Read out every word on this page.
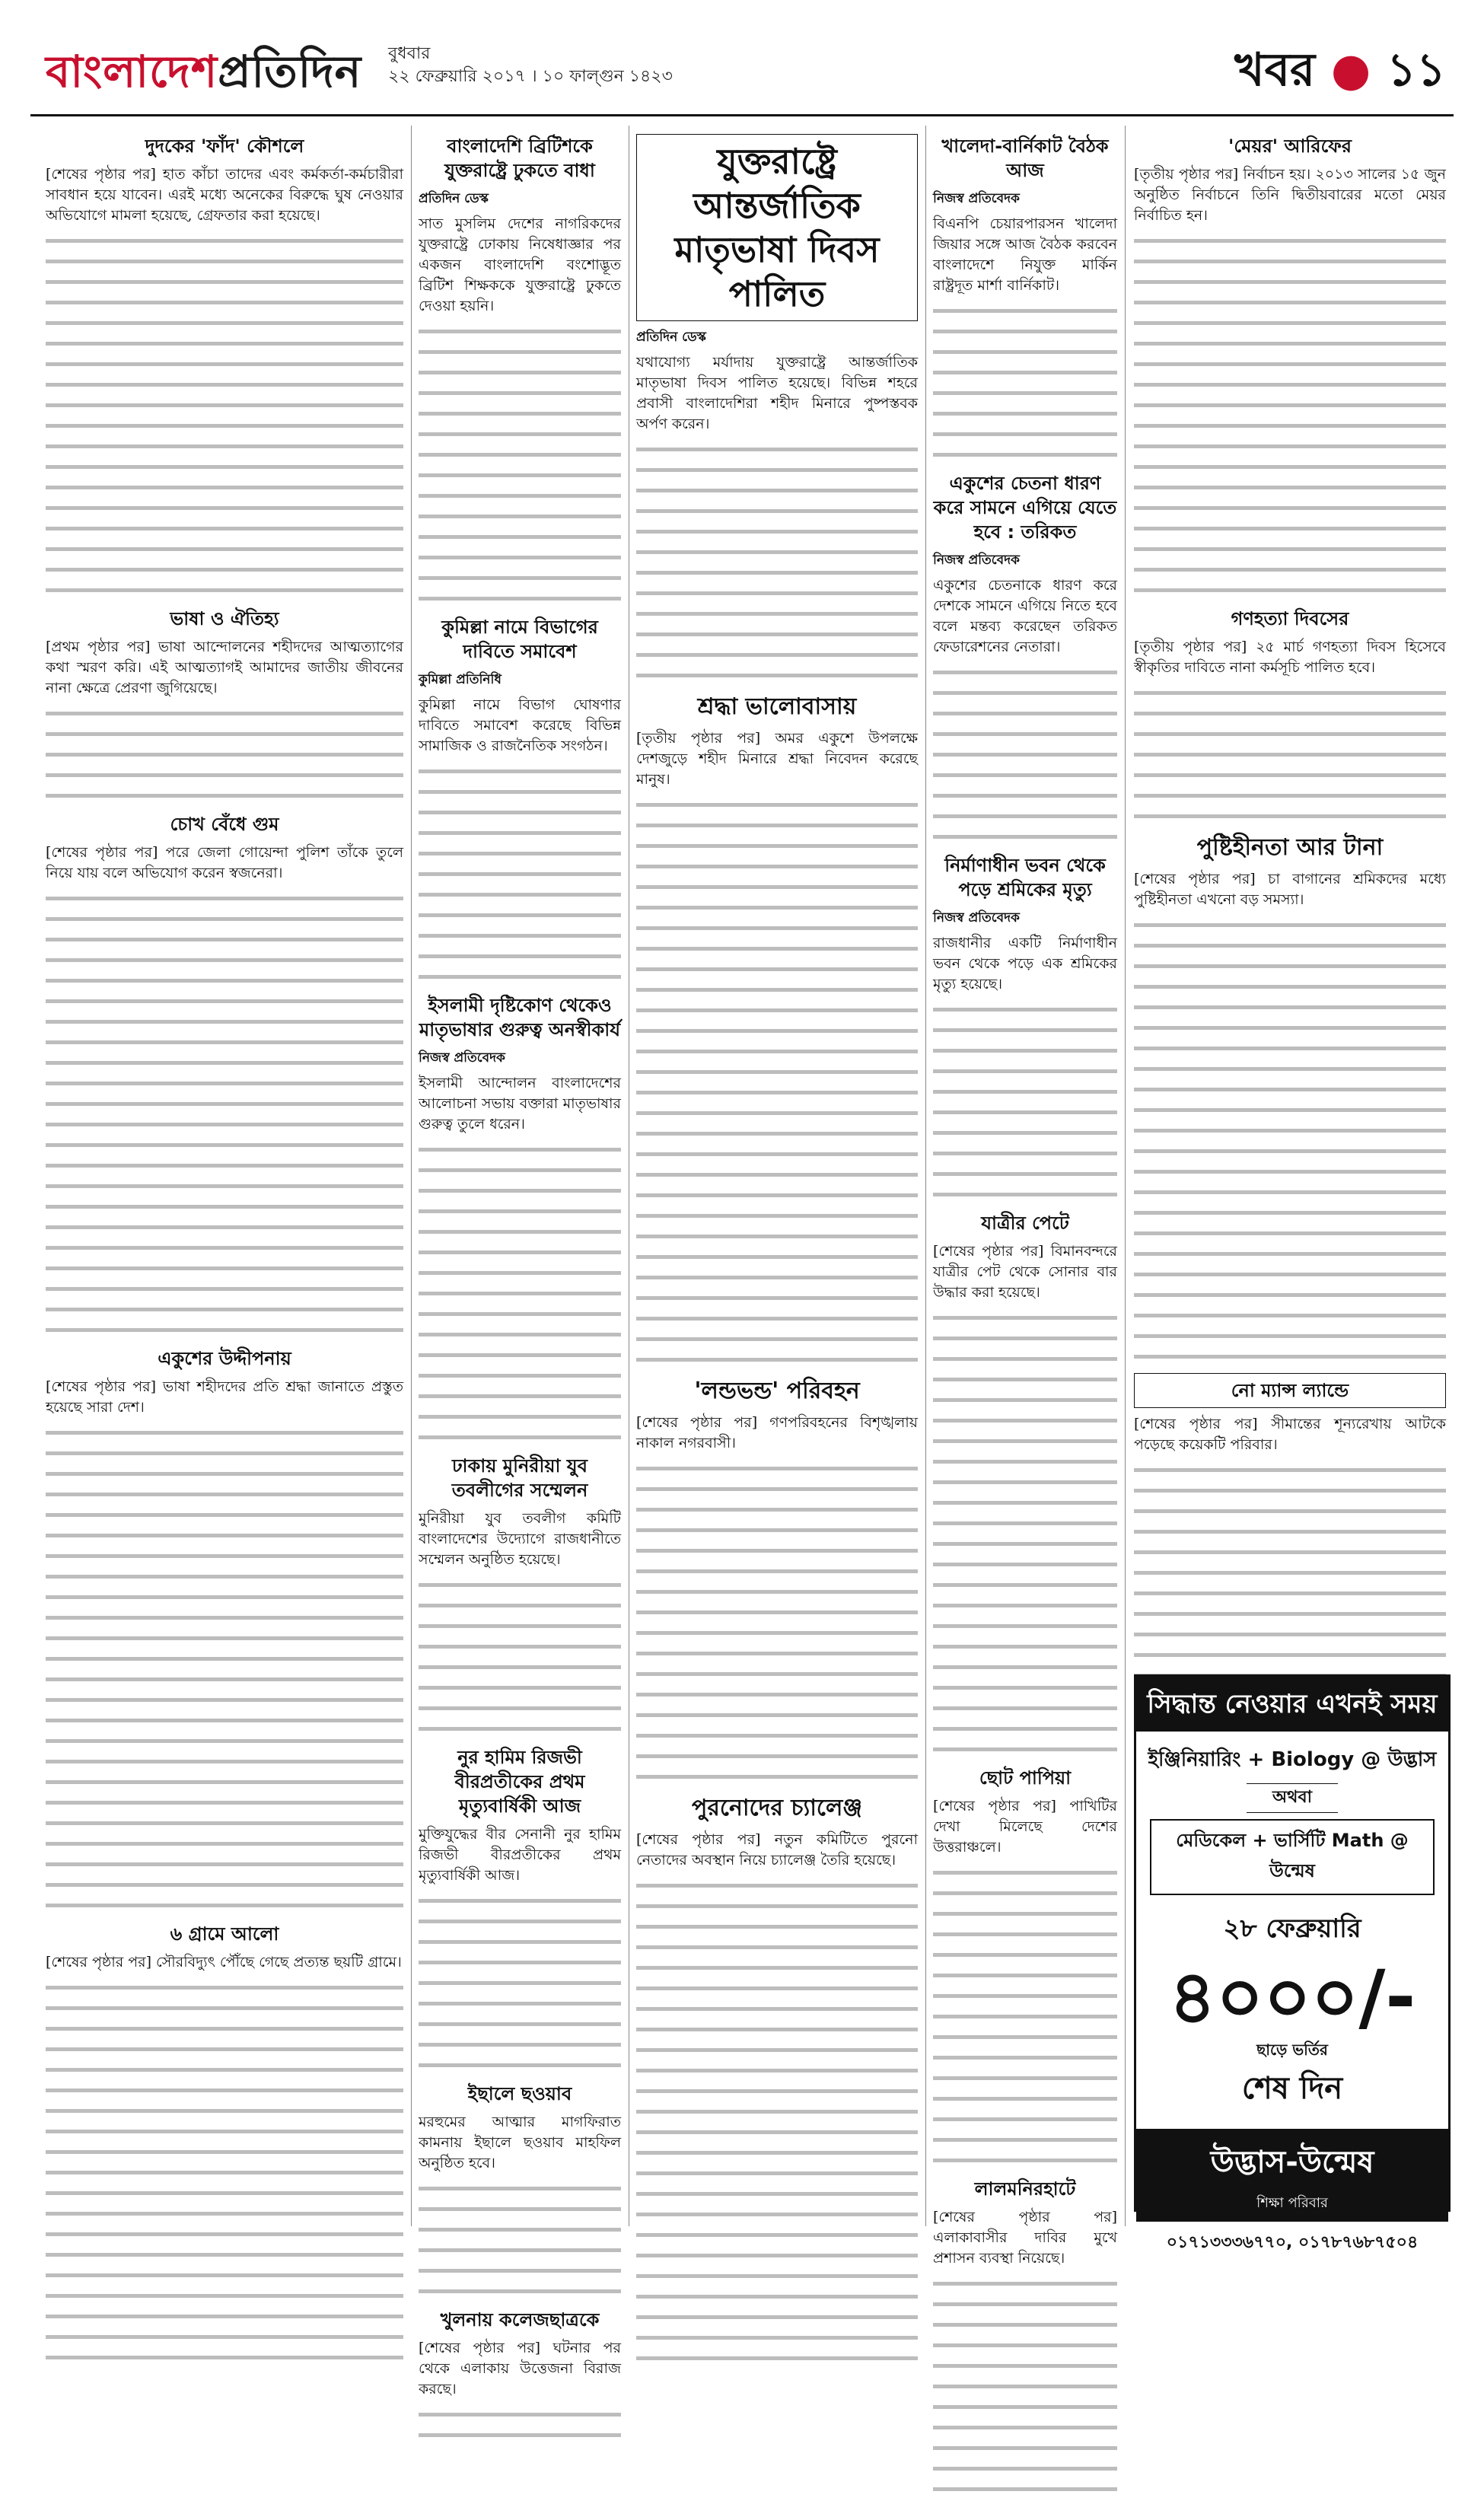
বাংলাদেশপ্রতিদিন বুধবার
২২ ফেব্রুয়ারি ২০১৭ । ১০ ফাল্গুন ১৪২৩	খবর ● ১১
দুদকের 'ফাঁদ' কৌশলে

[শেষের পৃষ্ঠার পর] হাত কাঁচা তাদের এবং কর্মকর্তা-কর্মচারীরা সাবধান হয়ে যাবেন। এরই মধ্যে অনেকের বিরুদ্ধে ঘুষ নেওয়ার অভিযোগে মামলা হয়েছে, গ্রেফতার করা হয়েছে।

ভাষা ও ঐতিহ্য

[প্রথম পৃষ্ঠার পর] ভাষা আন্দোলনের শহীদদের আত্মত্যাগের কথা স্মরণ করি। এই আত্মত্যাগই আমাদের জাতীয় জীবনের নানা ক্ষেত্রে প্রেরণা জুগিয়েছে।

চোখ বেঁধে গুম

[শেষের পৃষ্ঠার পর] পরে জেলা গোয়েন্দা পুলিশ তাঁকে তুলে নিয়ে যায় বলে অভিযোগ করেন স্বজনেরা।

একুশের উদ্দীপনায়

[শেষের পৃষ্ঠার পর] ভাষা শহীদদের প্রতি শ্রদ্ধা জানাতে প্রস্তুত হয়েছে সারা দেশ।

৬ গ্রামে আলো

[শেষের পৃষ্ঠার পর] সৌরবিদ্যুৎ পৌঁছে গেছে প্রত্যন্ত ছয়টি গ্রামে।

বাংলাদেশি ব্রিটিশকে যুক্তরাষ্ট্রে ঢুকতে বাধা
প্রতিদিন ডেস্ক

সাত মুসলিম দেশের নাগরিকদের যুক্তরাষ্ট্রে ঢোকায় নিষেধাজ্ঞার পর একজন বাংলাদেশি বংশোদ্ভূত ব্রিটিশ শিক্ষককে যুক্তরাষ্ট্রে ঢুকতে দেওয়া হয়নি।

কুমিল্লা নামে বিভাগের দাবিতে সমাবেশ
কুমিল্লা প্রতিনিধি

কুমিল্লা নামে বিভাগ ঘোষণার দাবিতে সমাবেশ করেছে বিভিন্ন সামাজিক ও রাজনৈতিক সংগঠন।

ইসলামী দৃষ্টিকোণ থেকেও মাতৃভাষার গুরুত্ব অনস্বীকার্য
নিজস্ব প্রতিবেদক

ইসলামী আন্দোলন বাংলাদেশের আলোচনা সভায় বক্তারা মাতৃভাষার গুরুত্ব তুলে ধরেন।

ঢাকায় মুনিরীয়া যুব তবলীগের সম্মেলন

মুনিরীয়া যুব তবলীগ কমিটি বাংলাদেশের উদ্যোগে রাজধানীতে সম্মেলন অনুষ্ঠিত হয়েছে।

নুর হামিম রিজভী বীরপ্রতীকের প্রথম মৃত্যুবার্ষিকী আজ

মুক্তিযুদ্ধের বীর সেনানী নুর হামিম রিজভী বীরপ্রতীকের প্রথম মৃত্যুবার্ষিকী আজ।

ইছালে ছওয়াব

মরহুমের আত্মার মাগফিরাত কামনায় ইছালে ছওয়াব মাহফিল অনুষ্ঠিত হবে।

খুলনায় কলেজছাত্রকে

[শেষের পৃষ্ঠার পর] ঘটনার পর থেকে এলাকায় উত্তেজনা বিরাজ করছে।

যুক্তরাষ্ট্রে আন্তর্জাতিক মাতৃভাষা দিবস পালিত
প্রতিদিন ডেস্ক

যথাযোগ্য মর্যাদায় যুক্তরাষ্ট্রে আন্তর্জাতিক মাতৃভাষা দিবস পালিত হয়েছে। বিভিন্ন শহরে প্রবাসী বাংলাদেশিরা শহীদ মিনারে পুষ্পস্তবক অর্পণ করেন।

শ্রদ্ধা ভালোবাসায়

[তৃতীয় পৃষ্ঠার পর] অমর একুশে উপলক্ষে দেশজুড়ে শহীদ মিনারে শ্রদ্ধা নিবেদন করেছে মানুষ।

'লন্ডভন্ড' পরিবহন

[শেষের পৃষ্ঠার পর] গণপরিবহনের বিশৃঙ্খলায় নাকাল নগরবাসী।

পুরনোদের চ্যালেঞ্জ

[শেষের পৃষ্ঠার পর] নতুন কমিটিতে পুরনো নেতাদের অবস্থান নিয়ে চ্যালেঞ্জ তৈরি হয়েছে।

খালেদা-বার্নিকাট বৈঠক আজ
নিজস্ব প্রতিবেদক

বিএনপি চেয়ারপারসন খালেদা জিয়ার সঙ্গে আজ বৈঠক করবেন বাংলাদেশে নিযুক্ত মার্কিন রাষ্ট্রদূত মার্শা বার্নিকাট।

একুশের চেতনা ধারণ করে সামনে এগিয়ে যেতে হবে : তরিকত
নিজস্ব প্রতিবেদক

একুশের চেতনাকে ধারণ করে দেশকে সামনে এগিয়ে নিতে হবে বলে মন্তব্য করেছেন তরিকত ফেডারেশনের নেতারা।

নির্মাণাধীন ভবন থেকে পড়ে শ্রমিকের মৃত্যু
নিজস্ব প্রতিবেদক

রাজধানীর একটি নির্মাণাধীন ভবন থেকে পড়ে এক শ্রমিকের মৃত্যু হয়েছে।

যাত্রীর পেটে

[শেষের পৃষ্ঠার পর] বিমানবন্দরে যাত্রীর পেট থেকে সোনার বার উদ্ধার করা হয়েছে।

ছোট পাপিয়া

[শেষের পৃষ্ঠার পর] পাখিটির দেখা মিলেছে দেশের উত্তরাঞ্চলে।

লালমনিরহাটে

[শেষের পৃষ্ঠার পর] এলাকাবাসীর দাবির মুখে প্রশাসন ব্যবস্থা নিয়েছে।

'মেয়র' আরিফের

[তৃতীয় পৃষ্ঠার পর] নির্বাচন হয়। ২০১৩ সালের ১৫ জুন অনুষ্ঠিত নির্বাচনে তিনি দ্বিতীয়বারের মতো মেয়র নির্বাচিত হন।

গণহত্যা দিবসের

[তৃতীয় পৃষ্ঠার পর] ২৫ মার্চ গণহত্যা দিবস হিসেবে স্বীকৃতির দাবিতে নানা কর্মসূচি পালিত হবে।

পুষ্টিহীনতা আর টানা

[শেষের পৃষ্ঠার পর] চা বাগানের শ্রমিকদের মধ্যে পুষ্টিহীনতা এখনো বড় সমস্যা।

নো ম্যান্স ল্যান্ডে

[শেষের পৃষ্ঠার পর] সীমান্তের শূন্যরেখায় আটকে পড়েছে কয়েকটি পরিবার।

সিদ্ধান্ত নেওয়ার এখনই সময়
ইঞ্জিনিয়ারিং + Biology @ উদ্ভাস
অথবা
মেডিকেল + ভার্সিটি Math @ উন্মেষ
২৮ ফেব্রুয়ারি
৪০০০/-
ছাড়ে ভর্তির
শেষ দিন
উদ্ভাস-উন্মেষ
শিক্ষা পরিবার
০১৭১৩৩৩৬৭৭০, ০১৭৮৭৬৮৭৫০৪
